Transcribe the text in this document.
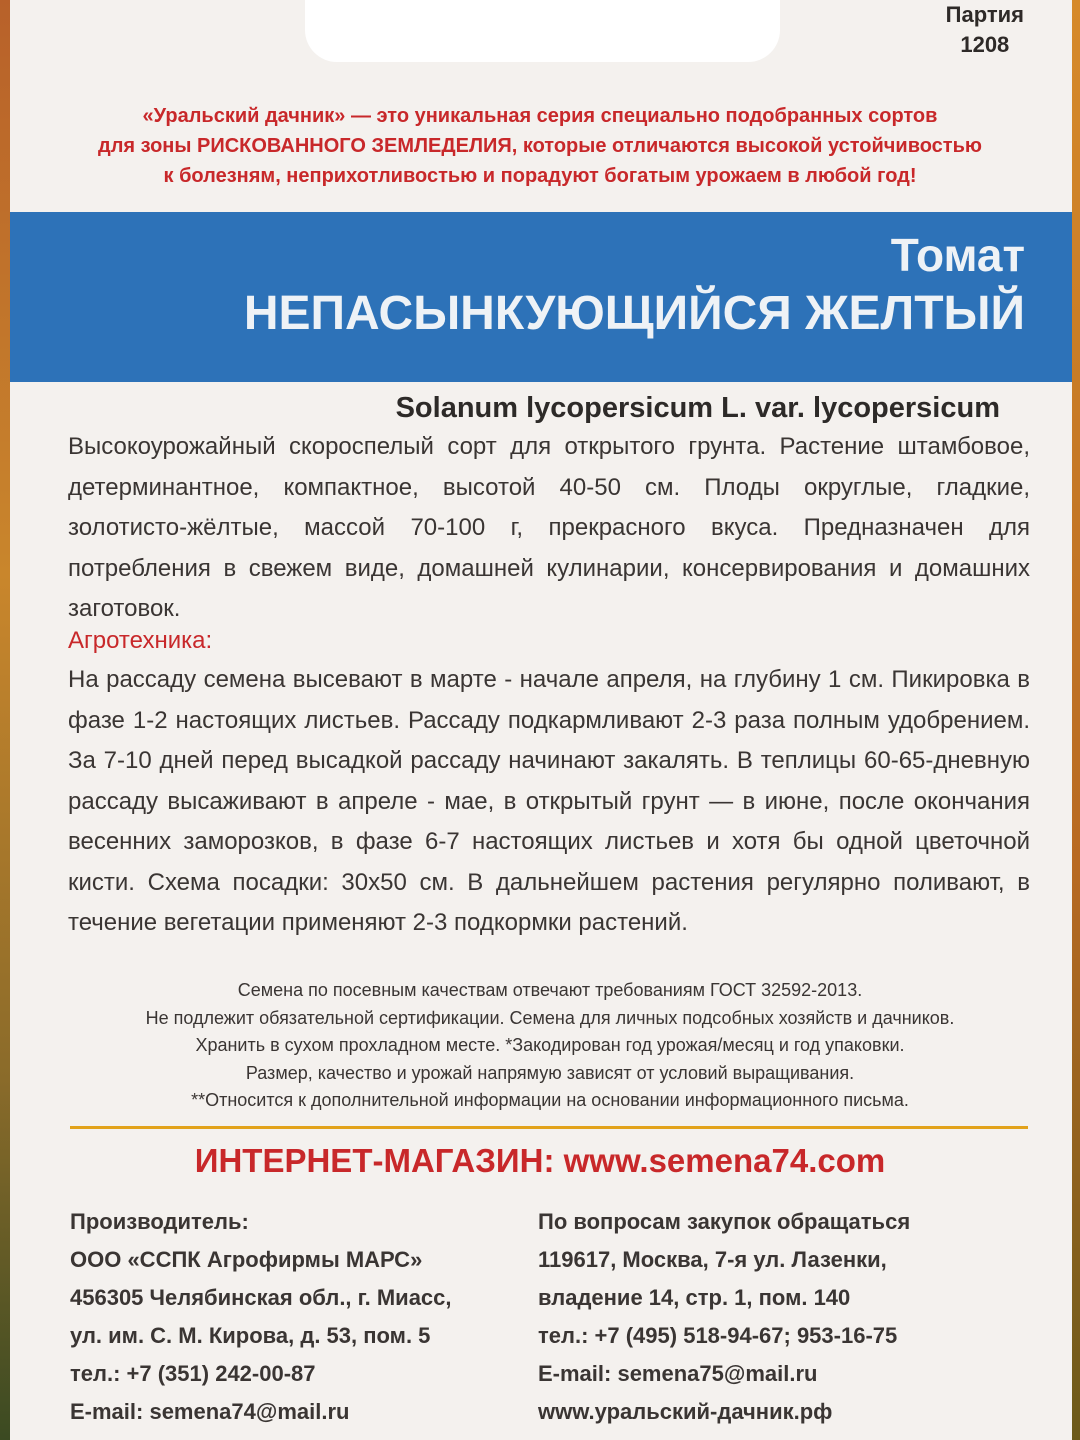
Партия
1208
«Уральский дачник» — это уникальная серия специально подобранных сортов
для зоны РИСКОВАННОГО ЗЕМЛЕДЕЛИЯ, которые отличаются высокой устойчивостью
к болезням, неприхотливостью и порадуют богатым урожаем в любой год!
Томат
НЕПАСЫНКУЮЩИЙСЯ ЖЕЛТЫЙ
Solanum lycopersicum L. var. lycopersicum
Высокоурожайный скороспелый сорт для открытого грунта. Растение штамбовое, детерминантное, компактное, высотой 40-50 см. Плоды округлые, гладкие, золотисто-жёлтые, массой 70-100 г, прекрасного вкуса. Предназначен для потребления в свежем виде, домашней кулинарии, консервирования и домашних заготовок.
Агротехника:
На рассаду семена высевают в марте - начале апреля, на глубину 1 см. Пикировка в фазе 1-2 настоящих листьев. Рассаду подкармливают 2-3 раза полным удобрением. За 7-10 дней перед высадкой рассаду начинают закалять. В теплицы 60-65-дневную рассаду высаживают в апреле - мае, в открытый грунт — в июне, после окончания весенних заморозков, в фазе 6-7 настоящих листьев и хотя бы одной цветочной кисти. Схема посадки: 30х50 см. В дальнейшем растения регулярно поливают, в течение вегетации применяют 2-3 подкормки растений.
Семена по посевным качествам отвечают требованиям ГОСТ 32592-2013.
Не подлежит обязательной сертификации. Семена для личных подсобных хозяйств и дачников.
Хранить в сухом прохладном месте. *Закодирован год урожая/месяц и год упаковки.
Размер, качество и урожай напрямую зависят от условий выращивания.
**Относится к дополнительной информации на основании информационного письма.
ИНТЕРНЕТ-МАГАЗИН: www.semena74.com
Производитель:
ООО «ССПК Агрофирмы МАРС»
456305 Челябинская обл., г. Миасс,
ул. им. С. М. Кирова, д. 53, пом. 5
тел.: +7 (351) 242-00-87
E-mail: semena74@mail.ru
По вопросам закупок обращаться
119617, Москва, 7-я ул. Лазенки,
владение 14, стр. 1, пом. 140
тел.: +7 (495) 518-94-67; 953-16-75
E-mail: semena75@mail.ru
www.уральский-дачник.рф
